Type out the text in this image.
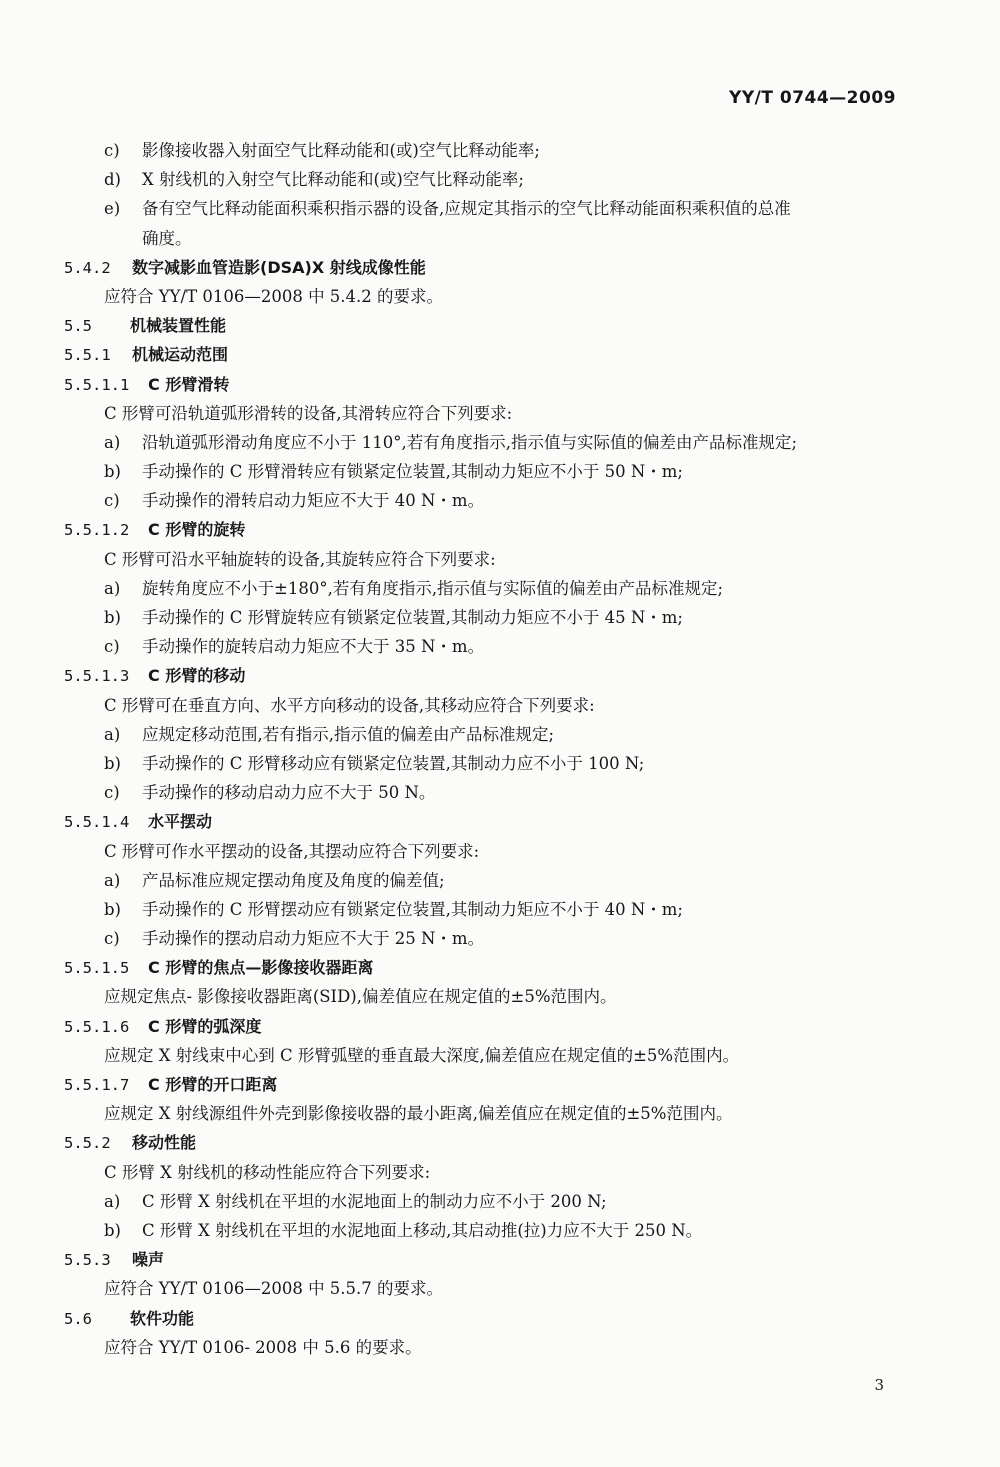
YY/T 0744—2009
c)	影像接收器入射面空气比释动能和(或)空气比释动能率;
d)	X 射线机的入射空气比释动能和(或)空气比释动能率;
e)	备有空气比释动能面积乘积指示器的设备,应规定其指示的空气比释动能面积乘积值的总准
确度。
5.4.2 数字减影血管造影(DSA)X 射线成像性能
应符合 YY/T 0106—2008 中 5.4.2 的要求。
5.5 机械装置性能
5.5.1 机械运动范围
5.5.1.1 C 形臂滑转
C 形臂可沿轨道弧形滑转的设备,其滑转应符合下列要求:
a)	沿轨道弧形滑动角度应不小于 110°,若有角度指示,指示值与实际值的偏差由产品标准规定;
b)	手动操作的 C 形臂滑转应有锁紧定位装置,其制动力矩应不小于 50 N・m;
c)	手动操作的滑转启动力矩应不大于 40 N・m。
5.5.1.2 C 形臂的旋转
C 形臂可沿水平轴旋转的设备,其旋转应符合下列要求:
a)	旋转角度应不小于±180°,若有角度指示,指示值与实际值的偏差由产品标准规定;
b)	手动操作的 C 形臂旋转应有锁紧定位装置,其制动力矩应不小于 45 N・m;
c)	手动操作的旋转启动力矩应不大于 35 N・m。
5.5.1.3 C 形臂的移动
C 形臂可在垂直方向、水平方向移动的设备,其移动应符合下列要求:
a)	应规定移动范围,若有指示,指示值的偏差由产品标准规定;
b)	手动操作的 C 形臂移动应有锁紧定位装置,其制动力应不小于 100 N;
c)	手动操作的移动启动力应不大于 50 N。
5.5.1.4 水平摆动
C 形臂可作水平摆动的设备,其摆动应符合下列要求:
a)	产品标准应规定摆动角度及角度的偏差值;
b)	手动操作的 C 形臂摆动应有锁紧定位装置,其制动力矩应不小于 40 N・m;
c)	手动操作的摆动启动力矩应不大于 25 N・m。
5.5.1.5 C 形臂的焦点—影像接收器距离
应规定焦点- 影像接收器距离(SID),偏差值应在规定值的±5%范围内。
5.5.1.6 C 形臂的弧深度
应规定 X 射线束中心到 C 形臂弧壁的垂直最大深度,偏差值应在规定值的±5%范围内。
5.5.1.7 C 形臂的开口距离
应规定 X 射线源组件外壳到影像接收器的最小距离,偏差值应在规定值的±5%范围内。
5.5.2 移动性能
C 形臂 X 射线机的移动性能应符合下列要求:
a)	C 形臂 X 射线机在平坦的水泥地面上的制动力应不小于 200 N;
b)	C 形臂 X 射线机在平坦的水泥地面上移动,其启动推(拉)力应不大于 250 N。
5.5.3 噪声
应符合 YY/T 0106—2008 中 5.5.7 的要求。
5.6 软件功能
应符合 YY/T 0106- 2008 中 5.6 的要求。
3
